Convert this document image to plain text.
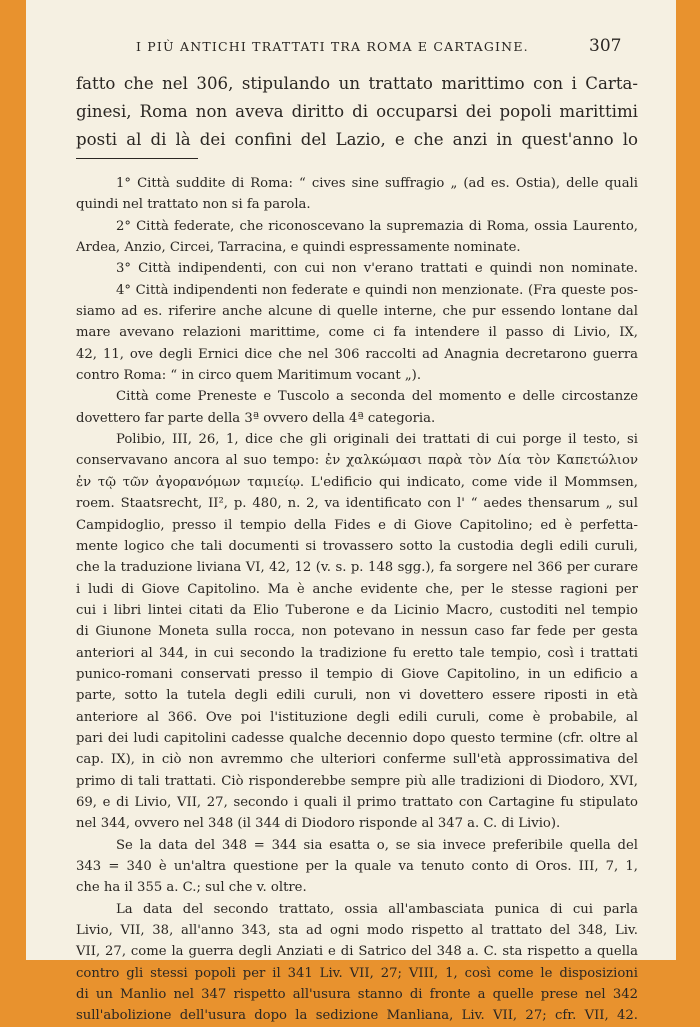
I PIÙ ANTICHI TRATTATI TRA ROMA E CARTAGINE.	307
fatto che nel 306, stipulando un trattato marittimo con i Carta-
ginesi, Roma non aveva diritto di occuparsi dei popoli marittimi
posti al di là dei confini del Lazio, e che anzi in quest'anno lo
1° Città suddite di Roma: “ cives sine suffragio „ (ad es. Ostia), delle quali
quindi nel trattato non si fa parola.
2° Città federate, che riconoscevano la supremazia di Roma, ossia Laurento,
Ardea, Anzio, Circei, Tarracina, e quindi espressamente nominate.
3° Città indipendenti, con cui non v'erano trattati e quindi non nominate.
4° Città indipendenti non federate e quindi non menzionate. (Fra queste pos-
siamo ad es. riferire anche alcune di quelle interne, che pur essendo lontane dal
mare avevano relazioni marittime, come ci fa intendere il passo di Livio, IX,
42, 11, ove degli Ernici dice che nel 306 raccolti ad Anagnia decretarono guerra
contro Roma: “ in circo quem Maritimum vocant „).
Città come Preneste e Tuscolo a seconda del momento e delle circostanze
dovettero far parte della 3ª ovvero della 4ª categoria.
Polibio, III, 26, 1, dice che gli originali dei trattati di cui porge il testo, si
conservavano ancora al suo tempo: ἐν χαλκώμασι παρὰ τὸν Δία τὸν Καπετώλιον
ἐν τῷ τῶν ἀγορανόμων ταμιείῳ. L'edificio qui indicato, come vide il Mommsen,
roem. Staatsrecht, II², p. 480, n. 2, va identificato con l' “ aedes thensarum „ sul
Campidoglio, presso il tempio della Fides e di Giove Capitolino; ed è perfetta-
mente logico che tali documenti si trovassero sotto la custodia degli edili curuli,
che la traduzione liviana VI, 42, 12 (v. s. p. 148 sgg.), fa sorgere nel 366 per curare
i ludi di Giove Capitolino. Ma è anche evidente che, per le stesse ragioni per
cui i libri lintei citati da Elio Tuberone e da Licinio Macro, custoditi nel tempio
di Giunone Moneta sulla rocca, non potevano in nessun caso far fede per gesta
anteriori al 344, in cui secondo la tradizione fu eretto tale tempio, così i trattati
punico-romani conservati presso il tempio di Giove Capitolino, in un edificio a
parte, sotto la tutela degli edili curuli, non vi dovettero essere riposti in età
anteriore al 366. Ove poi l'istituzione degli edili curuli, come è probabile, al
pari dei ludi capitolini cadesse qualche decennio dopo questo termine (cfr. oltre al
cap. IX), in ciò non avremmo che ulteriori conferme sull'età approssimativa del
primo di tali trattati. Ciò risponderebbe sempre più alle tradizioni di Diodoro, XVI,
69, e di Livio, VII, 27, secondo i quali il primo trattato con Cartagine fu stipulato
nel 344, ovvero nel 348 (il 344 di Diodoro risponde al 347 a. C. di Livio).
Se la data del 348 = 344 sia esatta o, se sia invece preferibile quella del
343 = 340 è un'altra questione per la quale va tenuto conto di Oros. III, 7, 1,
che ha il 355 a. C.; sul che v. oltre.
La data del secondo trattato, ossia all'ambasciata punica di cui parla
Livio, VII, 38, all'anno 343, sta ad ogni modo rispetto al trattato del 348, Liv.
VII, 27, come la guerra degli Anziati e di Satrico del 348 a. C. sta rispetto a quella
contro gli stessi popoli per il 341 Liv. VII, 27; VIII, 1, così come le disposizioni
di un Manlio nel 347 rispetto all'usura stanno di fronte a quelle prese nel 342
sull'abolizione dell'usura dopo la sedizione Manliana, Liv. VII, 27; cfr. VII, 42.
